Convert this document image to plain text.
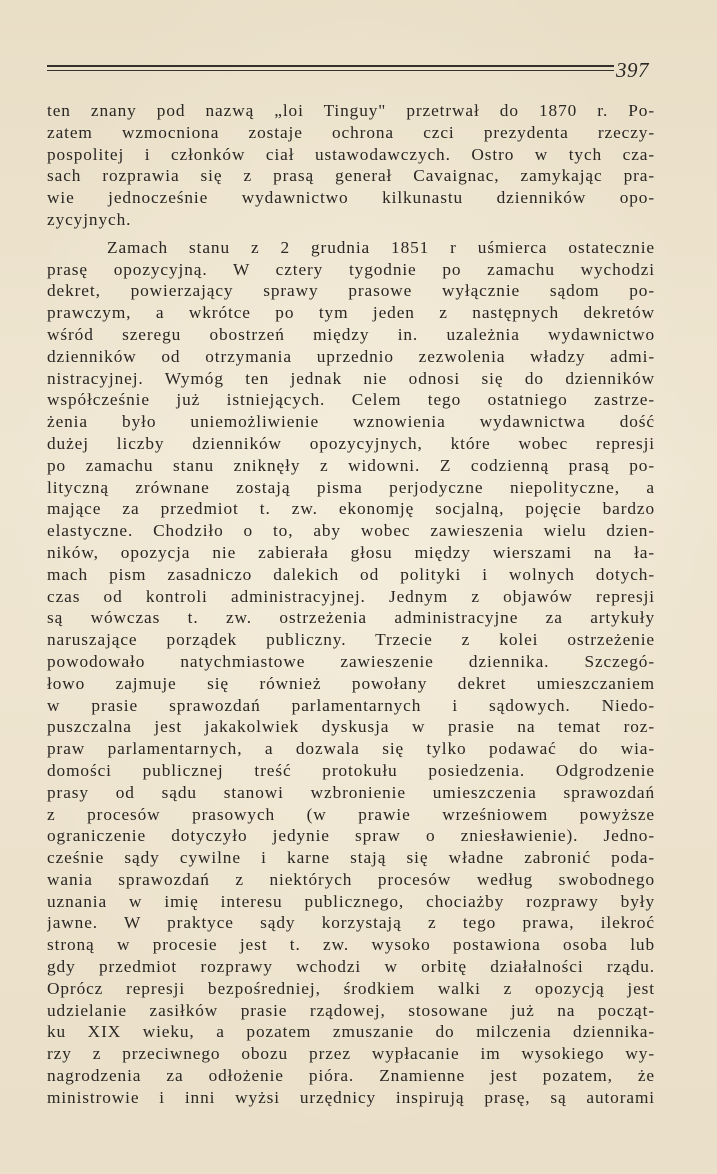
397
ten znany pod nazwą „loi Tinguy" przetrwał do 1870 r. Po-
zatem wzmocniona zostaje ochrona czci prezydenta rzeczy-
pospolitej i członków ciał ustawodawczych. Ostro w tych cza-
sach rozprawia się z prasą generał Cavaignac, zamykając pra-
wie jednocześnie wydawnictwo kilkunastu dzienników opo-
zycyjnych.
Zamach stanu z 2 grudnia 1851 r uśmierca ostatecznie
prasę opozycyjną. W cztery tygodnie po zamachu wychodzi
dekret, powierzający sprawy prasowe wyłącznie sądom po-
prawczym, a wkrótce po tym jeden z następnych dekretów
wśród szeregu obostrzeń między in. uzależnia wydawnictwo
dzienników od otrzymania uprzednio zezwolenia władzy admi-
nistracyjnej. Wymóg ten jednak nie odnosi się do dzienników
współcześnie już istniejących. Celem tego ostatniego zastrze-
żenia było uniemożliwienie wznowienia wydawnictwa dość
dużej liczby dzienników opozycyjnych, które wobec represji
po zamachu stanu zniknęły z widowni. Z codzienną prasą po-
lityczną zrównane zostają pisma perjodyczne niepolityczne, a
mające za przedmiot t. zw. ekonomję socjalną, pojęcie bardzo
elastyczne. Chodziło o to, aby wobec zawieszenia wielu dzien-
ników, opozycja nie zabierała głosu między wierszami na ła-
mach pism zasadniczo dalekich od polityki i wolnych dotych-
czas od kontroli administracyjnej. Jednym z objawów represji
są wówczas t. zw. ostrzeżenia administracyjne za artykuły
naruszające porządek publiczny. Trzecie z kolei ostrzeżenie
powodowało natychmiastowe zawieszenie dziennika. Szczegó-
łowo zajmuje się również powołany dekret umieszczaniem
w prasie sprawozdań parlamentarnych i sądowych. Niedo-
puszczalna jest jakakolwiek dyskusja w prasie na temat roz-
praw parlamentarnych, a dozwala się tylko podawać do wia-
domości publicznej treść protokułu posiedzenia. Odgrodzenie
prasy od sądu stanowi wzbronienie umieszczenia sprawozdań
z procesów prasowych (w prawie wrześniowem powyższe
ograniczenie dotyczyło jedynie spraw o zniesławienie). Jedno-
cześnie sądy cywilne i karne stają się władne zabronić poda-
wania sprawozdań z niektórych procesów według swobodnego
uznania w imię interesu publicznego, chociażby rozprawy były
jawne. W praktyce sądy korzystają z tego prawa, ilekroć
stroną w procesie jest t. zw. wysoko postawiona osoba lub
gdy przedmiot rozprawy wchodzi w orbitę działalności rządu.
Oprócz represji bezpośredniej, środkiem walki z opozycją jest
udzielanie zasiłków prasie rządowej, stosowane już na począt-
ku XIX wieku, a pozatem zmuszanie do milczenia dziennika-
rzy z przeciwnego obozu przez wypłacanie im wysokiego wy-
nagrodzenia za odłożenie pióra. Znamienne jest pozatem, że
ministrowie i inni wyżsi urzędnicy inspirują prasę, są autorami
